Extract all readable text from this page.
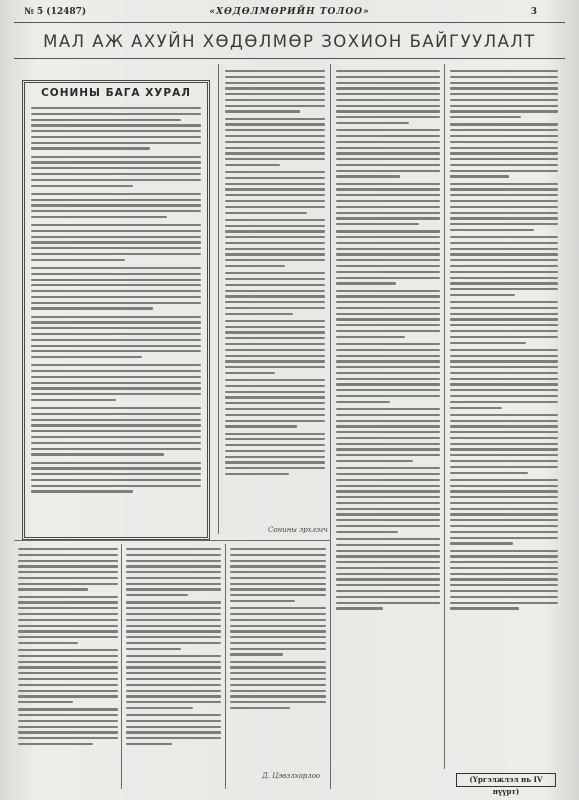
№ 5 (12487)	«ХӨДӨЛМӨРИЙН ТОЛОО»	3
МАЛ АЖ АХУЙН ХӨДӨЛМӨР ЗОХИОН БАЙГУУЛАЛТ
СОНИНЫ БАГА ХУРАЛ
Сонины эрхлэгч
Д. Цэвэлхорлоо	(Үргэлжлэл нь IV нүүрт)
